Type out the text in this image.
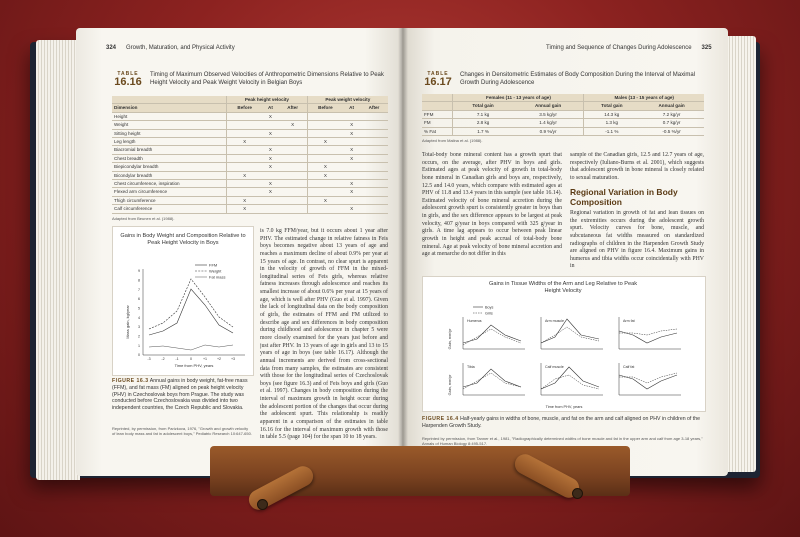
324 Growth, Maturation, and Physical Activity
TABLE
16.16
Timing of Maximum Observed Velocities of Anthropometric Dimensions Relative to Peak Height Velocity and Peak Weight Velocity in Belgian Boys
	Peak height velocity			Peak weight velocity		
Dimension	Before	At	After	Before	At	After
Height		X				
Weight			X		X	
Sitting height		X			X	
Leg length	X			X		
Biacromial breadth		X			X	
Chest breadth		X			X	
Biepicondylar breadth		X		X		
Bicondylar breadth	X			X		
Chest circumference, inspiration		X			X	
Flexed arm circumference		X			X	
Thigh circumference	X			X		
Calf circumference	X				X	
Adapted from Beunen et al. (1988).
Gains in Body Weight and Composition Relative to Peak Height Velocity in Boys
FFM
Weight
Fat mass
Mass gain, kg/year
Time from PHV, years
9
8
7
6
5
4
3
2
1
0
-3	-2	-1	0	+1	+2	+3
FIGURE 16.3 Annual gains in body weight, fat-free mass (FFM), and fat mass (FM) aligned on peak height velocity (PHV) in Czechoslovak boys from Prague. The study was conducted before Czechoslovakia was divided into two independent countries, the Czech Republic and Slovakia.
Reprinted, by permission, from Parizkova, 1976, "Growth and growth velocity of lean body mass and fat in adolescent boys," Pediatric Research 10:647-650.
is 7.0 kg FFM/year, but it occurs about 1 year after PHV. The estimated change in relative fatness in Feis boys becomes negative about 13 years of age and reaches a maximum decline of about 0.9% per year at 15 years of age. In contrast, no clear spurt is apparent in the velocity of growth of FFM in the mixed-longitudinal series of Feis girls, whereas relative fatness increases through adolescence and reaches its smallest increase of about 0.6% per year at 15 years of age, which is well after PHV (Guo et al. 1997). Given the lack of longitudinal data on the body composition of girls, the estimates of FFM and FM utilized to describe age and sex differences in body composition during childhood and adolescence in chapter 5 were more closely examined for the years just before and just after PHV. In 13 years of age in girls and 13 to 15 years of age in boys (see table 16.17). Although the annual increments are derived from cross-sectional data from many samples, the estimates are consistent with those for the longitudinal series of Czechoslovak boys (see figure 16.3) and of Feis boys and girls (Guo et al. 1997). Changes in body composition during the interval of maximum growth in height occur during the adolescent portion of the changes that occur during the adolescent spurt. This relationship is readily apparent in a comparison of the estimates in table 16.16 for the interval of maximum growth with those in table 5.5 (page 104) for the span 10 to 18 years.
Timing and Sequence of Changes During Adolescence 325
TABLE
16.17
Changes in Densitometric Estimates of Body Composition During the Interval of Maximal Growth During Adolescence
	Females (11 - 13 years of age)		Males (13 - 15 years of age)	
	Total gain	Annual gain	Total gain	Annual gain
FFM	7.1 kg	3.5 kg/yr	14.3 kg	7.2 kg/yr
FM	2.8 kg	1.4 kg/yr	1.3 kg	0.7 kg/yr
% Fat	1.7 %	0.9 %/yr	-1.1 %	-0.5 %/yr
Adapted from Malina et al. (1988).
Total-body bone mineral content has a growth spurt that occurs, on the average, after PHV in boys and girls. Estimated ages at peak velocity of growth in total-body bone mineral in Canadian girls and boys are, respectively, 12.5 and 14.0 years, which compare with estimated ages at PHV of 11.8 and 13.4 years in this sample (see table 16.14). Estimated velocity of bone mineral accretion during the adolescent growth spurt is consistently greater in boys than in girls, and the sex difference appears to be largest at peak velocity, 407 g/year in boys compared with 325 g/year in girls. A time lag appears to occur between peak linear growth in height and peak accrual of total-body bone mineral. Age at peak velocity of bone mineral accretion and age at menarche do not differ in this
sample of the Canadian girls, 12.5 and 12.7 years of age, respectively (Iuliano-Burns et al. 2001), which suggests that adolescent growth in bone mineral is closely related to sexual maturation.
Regional Variation in Body Composition
Regional variation in growth of fat and lean tissues on the extremities occurs during the adolescent growth spurt. Velocity curves for bone, muscle, and subcutaneous fat widths measured on standardized radiographs of children in the Harpenden Growth Study are aligned on PHV in figure 16.4. Maximum gains in humerus and tibia widths occur coincidentally with PHV in
Gains in Tissue Widths of the Arm and Leg Relative to Peak Height Velocity
Boys
Girls
Gain, mm/yr
Gain, mm/yr
Time from PHV, years
Humerus	Arm muscle	Arm fat
Tibia	Calf muscle	Calf fat
FIGURE 16.4 Half-yearly gains in widths of bone, muscle, and fat on the arm and calf aligned on PHV in children of the Harpenden Growth Study.
Reprinted by permission, from Tanner et al., 1981, "Radiographically determined widths of bone muscle and fat in the upper arm and calf from age 3-18 years," Annals of Human Biology 8:495-517.
